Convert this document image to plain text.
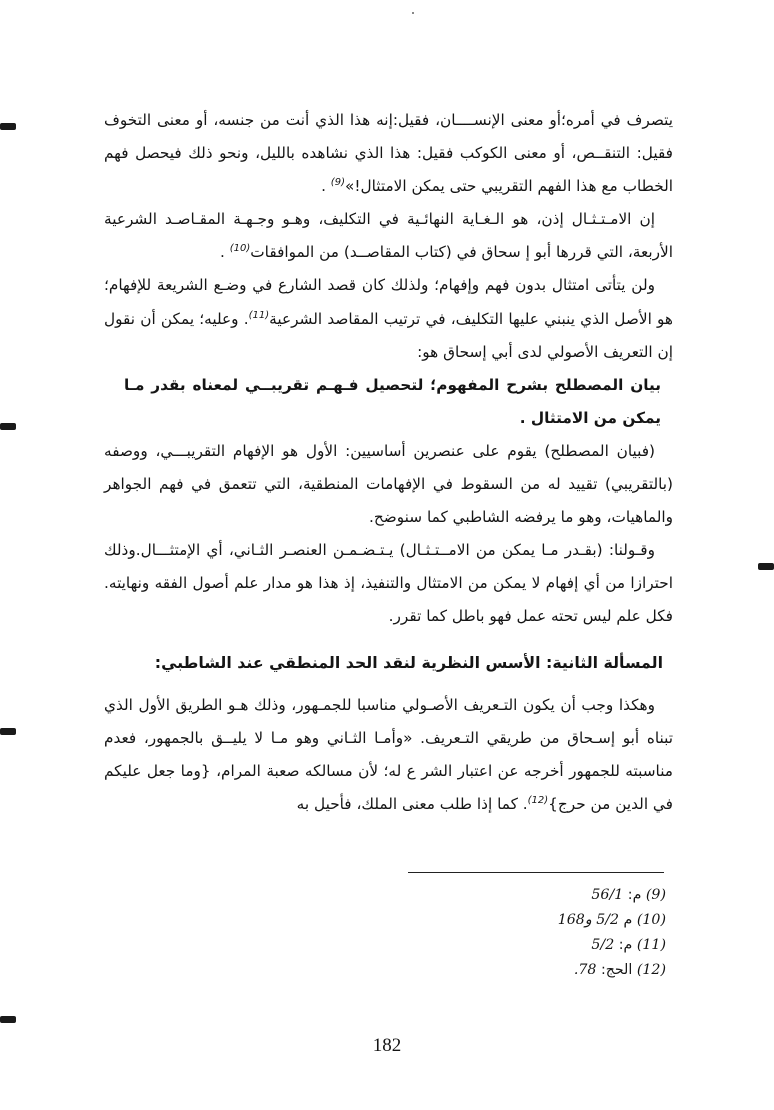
يتصرف في أمره؛أو معنى الإنســــان، فقيل:إنه هذا الذي أنت من جنسه، أو معنى التخوف فقيل: التنقــص، أو معنى الكوكب فقيل: هذا الذي نشاهده بالليل، ونحو ذلك فيحصل فهم الخطاب مع هذا الفهم التقريبي حتى يمكن الامتثال!»$^{(9)}$ .

إن الامـتـثـال إذن، هو الـغـاية النهائـية في التكليف، وهـو وجـهـة المقـاصـد الشرعية الأربعة، التي قررها أبو إ سحاق في (كتاب المقاصــد) من الموافقات$^{(10)}$ .

ولن يتأتى امتثال بدون فهم وإفهام؛ ولذلك كان قصد الشارع في وضـع الشريعة للإفهام؛ هو الأصل الذي ينبني عليها التكليف، في ترتيب المقاصد الشرعية$^{(11)}$. وعليه؛ يمكن أن نقول إن التعريف الأصولي لدى أبي إسحاق هو:

بيان المصطلح بشرح المفهوم؛ لتحصيل فـهـم تقريبــي لمعناه بقدر مـا يمكن من الامتثال .

(فبيان المصطلح) يقوم على عنصرين أساسيين: الأول هو الإفهام التقريبـــي، ووصفه (بالتقريبي) تقييد له من السقوط في الإفهامات المنطقية، التي تتعمق في فهم الجواهر والماهيات، وهو ما يرفضه الشاطبي كما سنوضح.

وقـولنا: (بقـدر مـا يمكن من الامــتـثـال) يـتـضـمـن العنصـر الثـاني، أي الإمتثـــال.وذلك احترازا من أي إفهام لا يمكن من الامتثال والتنفيذ، إذ هذا هو مدار علم أصول الفقه ونهايته. فكل علم ليس تحته عمل فهو باطل كما تقرر.

المسألة الثانية: الأسس النظرية لنقد الحد المنطقي عند الشاطبي:

وهكذا وجب أن يكون التـعريف الأصـولي مناسبا للجمـهور، وذلك هـو الطريق الأول الذي تبناه أبو إسـحاق من طريقي التـعريف. «وأمـا الثـاني وهو مـا لا يليــق بالجمهور، فعدم مناسبته للجمهور أخرجه عن اعتبار الشر ع له؛ لأن مسالكه صعبة المرام، {وما جعل عليكم في الدين من حرج}$^{(12)}$. كما إذا طلب معنى الملك، فأحيل به

(9) م: 56/1
(10) م 5/2 و168
(11) م: 5/2
(12) الحج: 78.
182
